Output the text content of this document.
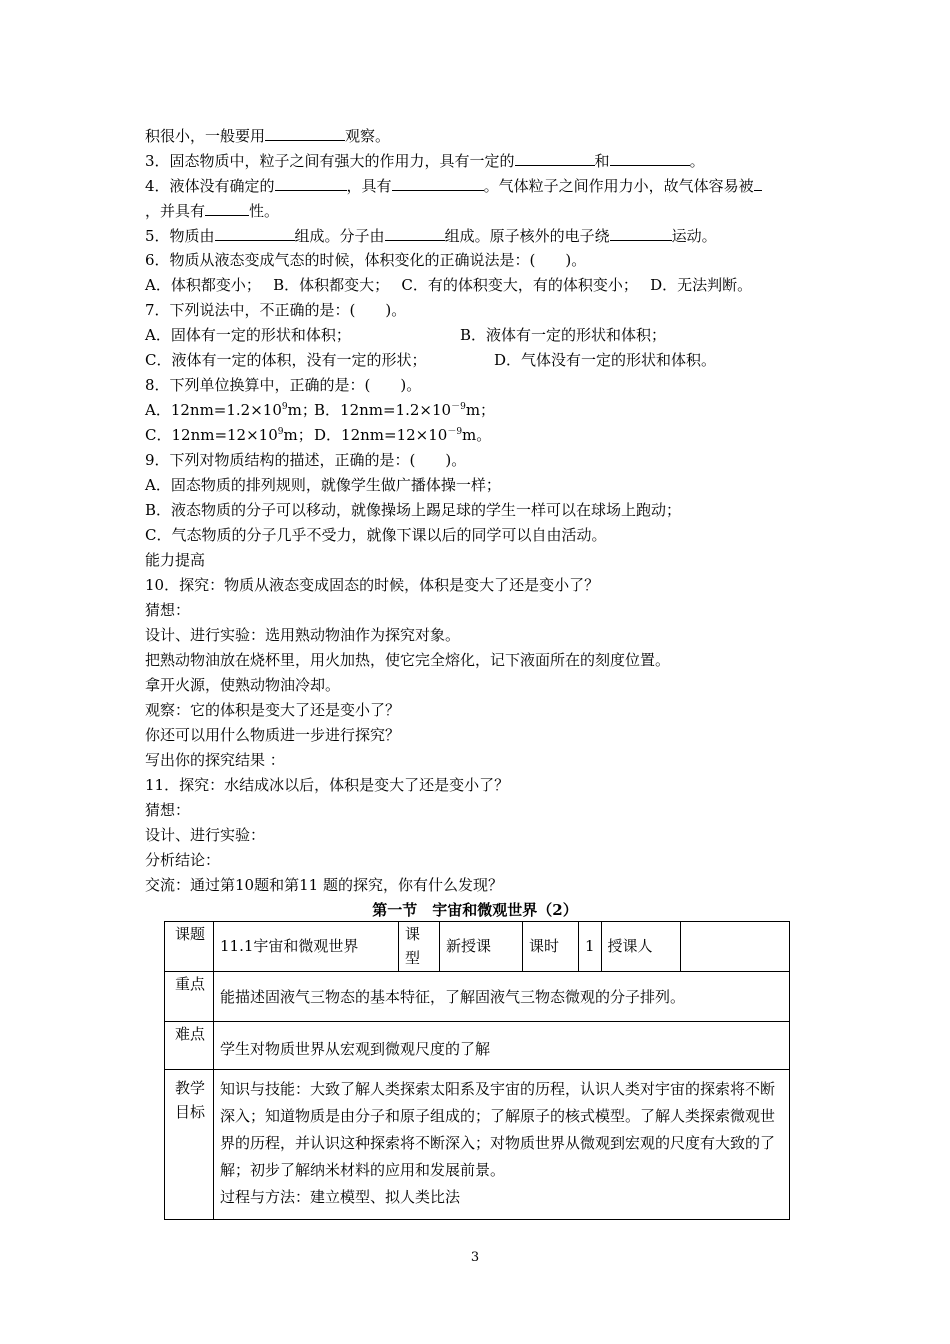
积很小，一般要用	观察。
3．固态物质中，粒子之间有强大的作用力，具有一定的	和	。
4．液体没有确定的	，具有	。气体粒子之间作用力小，故气体容易被
，并具有	性。
5．物质由	组成。分子由	组成。原子核外的电子绕	运动。
6．物质从液态变成气态的时候，体积变化的正确说法是：(　　)。
A．体积都变小；　 B．体积都变大；　 C．有的体积变大，有的体积变小；　 D．无法判断。
7．下列说法中，不正确的是：(　　)。
A．固体有一定的形状和体积；	B．液体有一定的形状和体积；
C．液体有一定的体积，没有一定的形状；	D．气体没有一定的形状和体积。
8．下列单位换算中，正确的是：(　　)。
A．$12nm=1.2\times 10^9m$；
B．$12nm=1.2\times 10^{-9}m$；
C．$12nm=12\times 10^9m$； D．$12nm=12\times 10^{-9}m$。
9．下列对物质结构的描述，正确的是：(　　)。
A．固态物质的排列规则，就像学生做广播体操一样；
B．液态物质的分子可以移动，就像操场上踢足球的学生一样可以在球场上跑动；
C．气态物质的分子几乎不受力，就像下课以后的同学可以自由活动。
能力提高
10．探究：物质从液态变成固态的时候，体积是变大了还是变小了？
猜想：
设计、进行实验：选用熟动物油作为探究对象。
把熟动物油放在烧杯里，用火加热，使它完全熔化，记下液面所在的刻度位置。
拿开火源，使熟动物油冷却。
观察：它的体积是变大了还是变小了？
你还可以用什么物质进一步进行探究？
写出你的探究结果 ：
11．探究：水结成冰以后，体积是变大了还是变小了？
猜想：
设计、进行实验：
分析结论：
交流：通过第10题和第11 题的探究，你有什么发现？
第一节　宇宙和微观世界（2）
课题	11.1宇宙和微观世界	课型	新授课	课时	1	授课人	
重点	能描述固液气三物态的基本特征，了解固液气三物态微观的分子排列。						
难点	学生对物质世界从宏观到微观尺度的了解						
教学目标	知识与技能：大致了解人类探索太阳系及宇宙的历程，认识人类对宇宙的探索将不断深入；知道物质是由分子和原子组成的；了解原子的核式模型。了解人类探索微观世界的历程，并认识这种探索将不断深入；对物质世界从微观到宏观的尺度有大致的了解；初步了解纳米材料的应用和发展前景。
过程与方法：建立模型、拟人类比法						
3
